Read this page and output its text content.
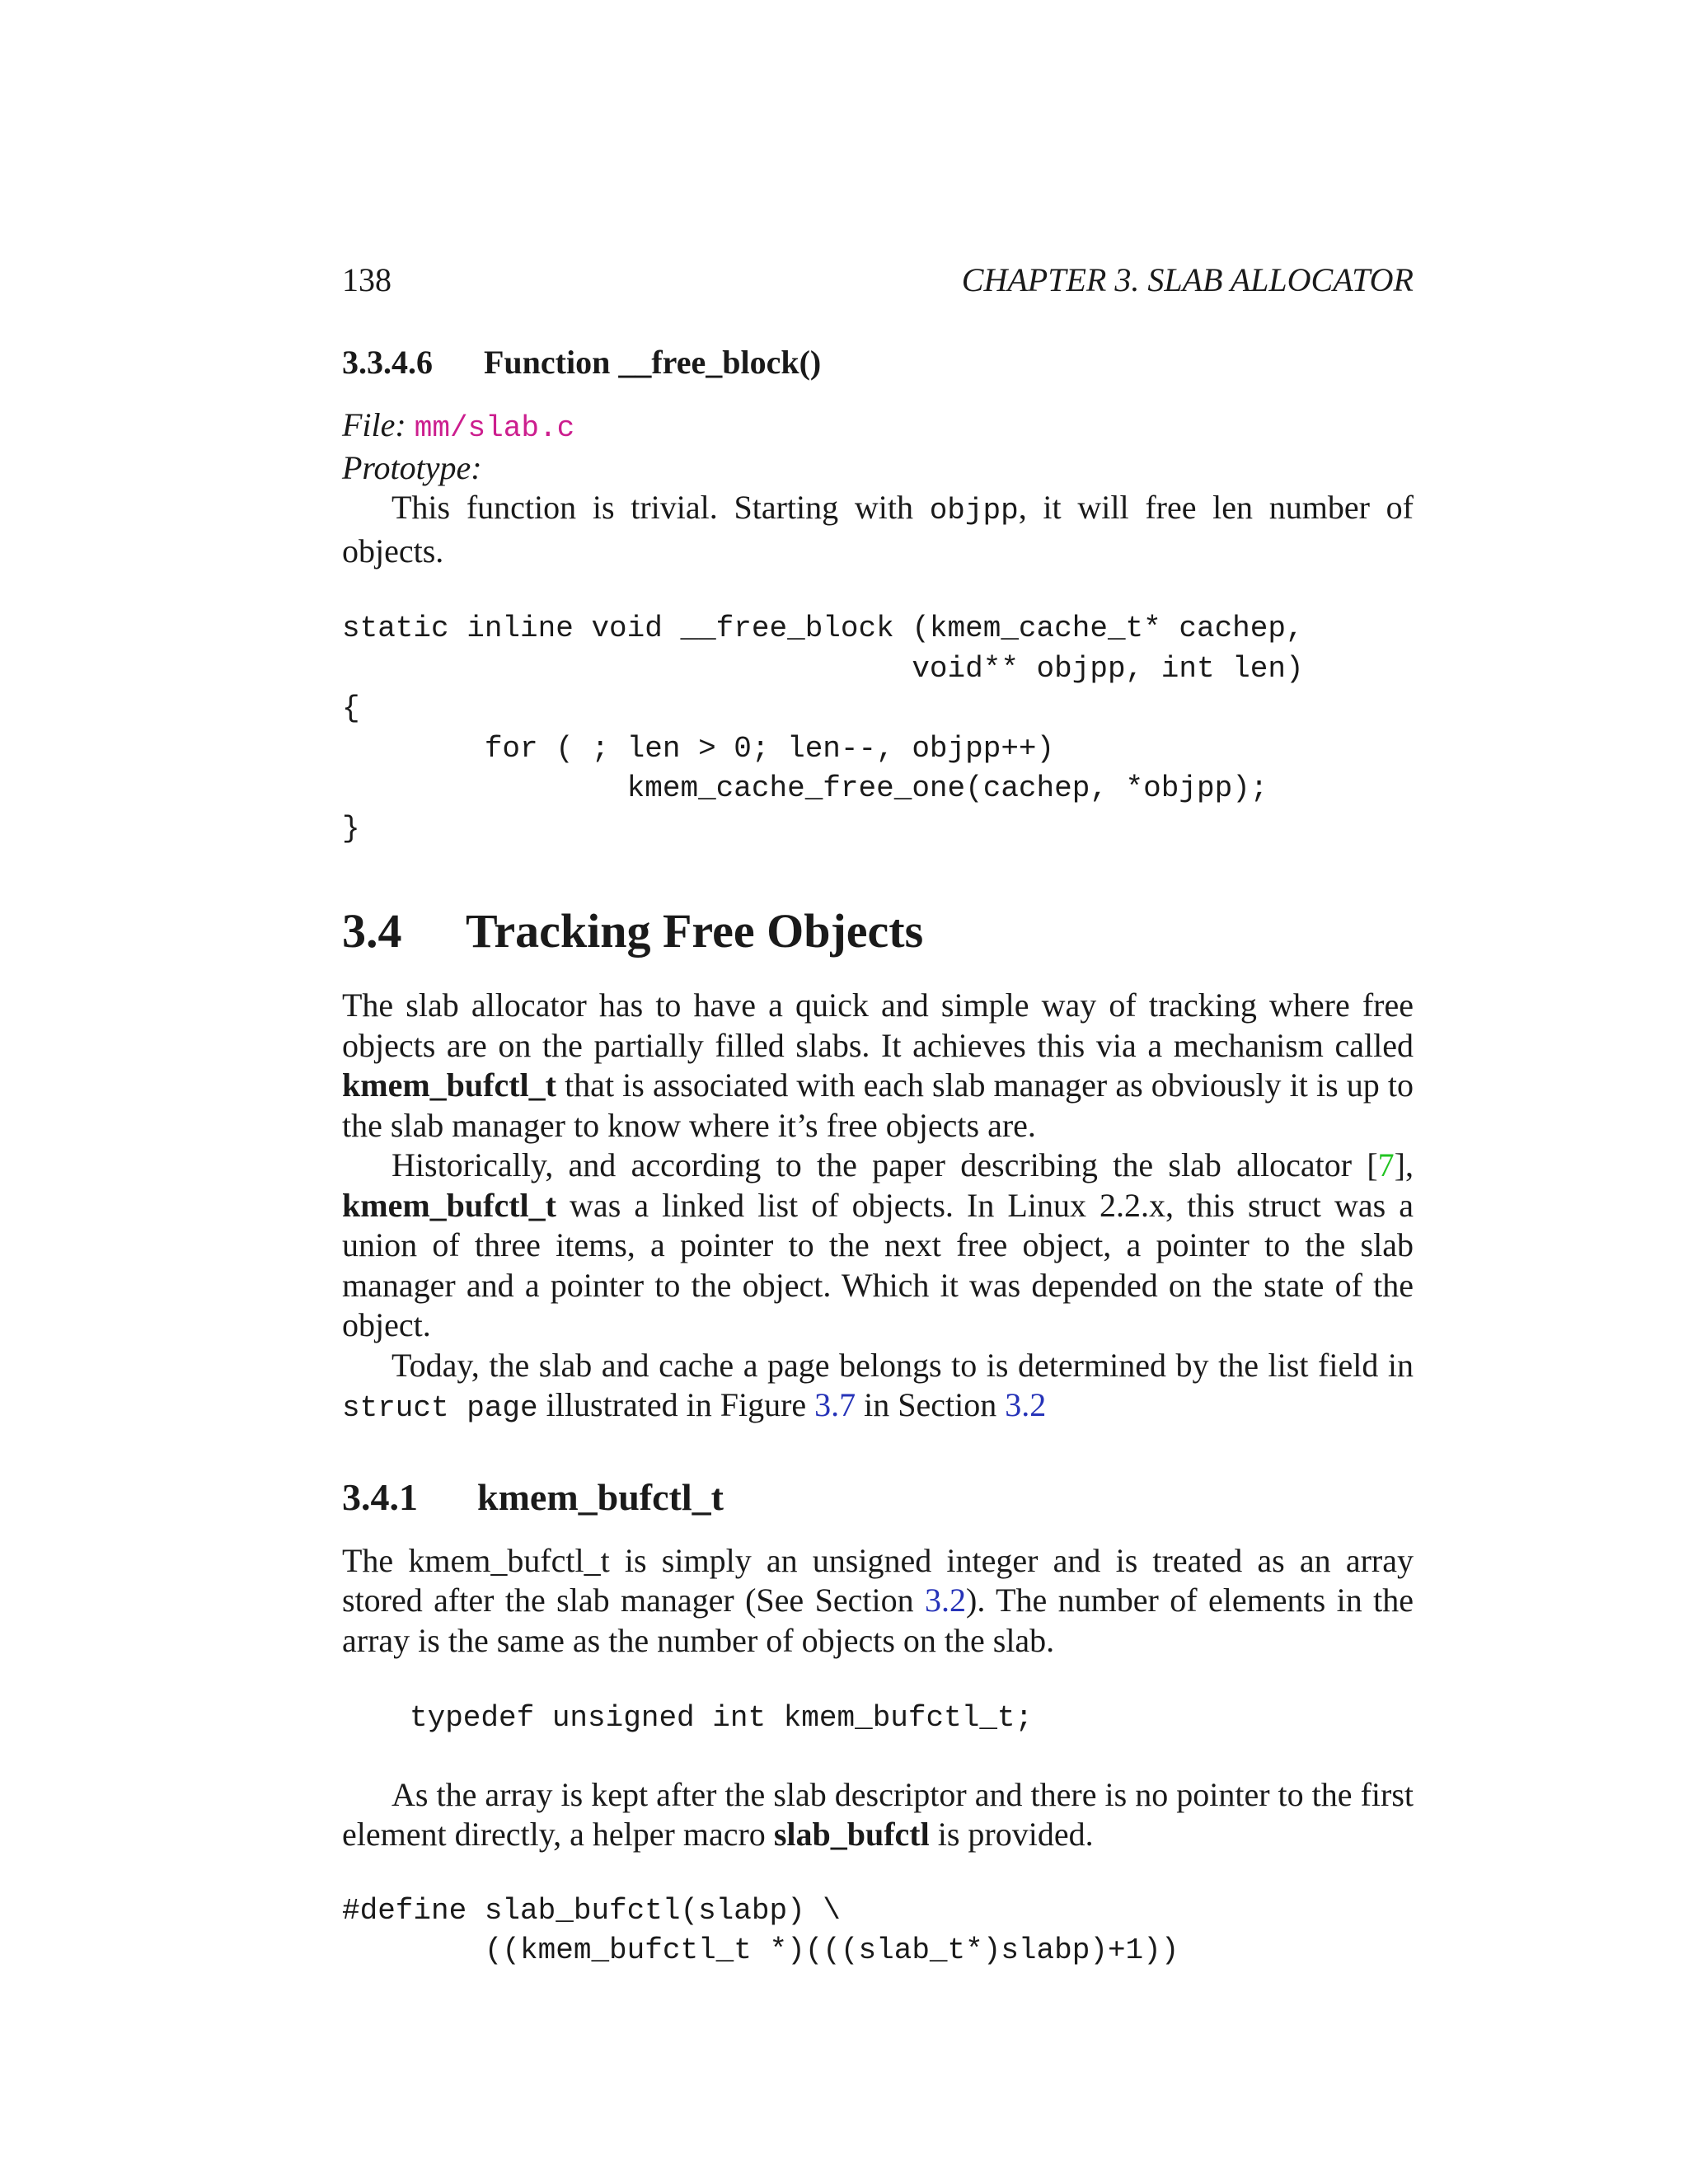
138	CHAPTER 3. SLAB ALLOCATOR
3.3.4.6 Function __free_block()
File: mm/slab.c
Prototype:

This function is trivial. Starting with objpp, it will free len number of objects.

static inline void __free_block (kmem_cache_t* cachep,
void** objpp, int len)
{
for ( ; len > 0; len--, objpp++)
kmem_cache_free_one(cachep, *objpp);
}
3.4 Tracking Free Objects

The slab allocator has to have a quick and simple way of tracking where free objects are on the partially filled slabs. It achieves this via a mechanism called kmem_bufctl_t that is associated with each slab manager as obviously it is up to the slab manager to know where it’s free objects are.

Historically, and according to the paper describing the slab allocator [7], kmem_bufctl_t was a linked list of objects. In Linux 2.2.x, this struct was a union of three items, a pointer to the next free object, a pointer to the slab manager and a pointer to the object. Which it was depended on the state of the object.

Today, the slab and cache a page belongs to is determined by the list field in struct page illustrated in Figure 3.7 in Section 3.2

3.4.1 kmem_bufctl_t

The kmem_bufctl_t is simply an unsigned integer and is treated as an array stored after the slab manager (See Section 3.2). The number of elements in the array is the same as the number of objects on the slab.

typedef unsigned int kmem_bufctl_t;

As the array is kept after the slab descriptor and there is no pointer to the first element directly, a helper macro slab_bufctl is provided.

#define slab_bufctl(slabp) \
((kmem_bufctl_t *)(((slab_t*)slabp)+1))
